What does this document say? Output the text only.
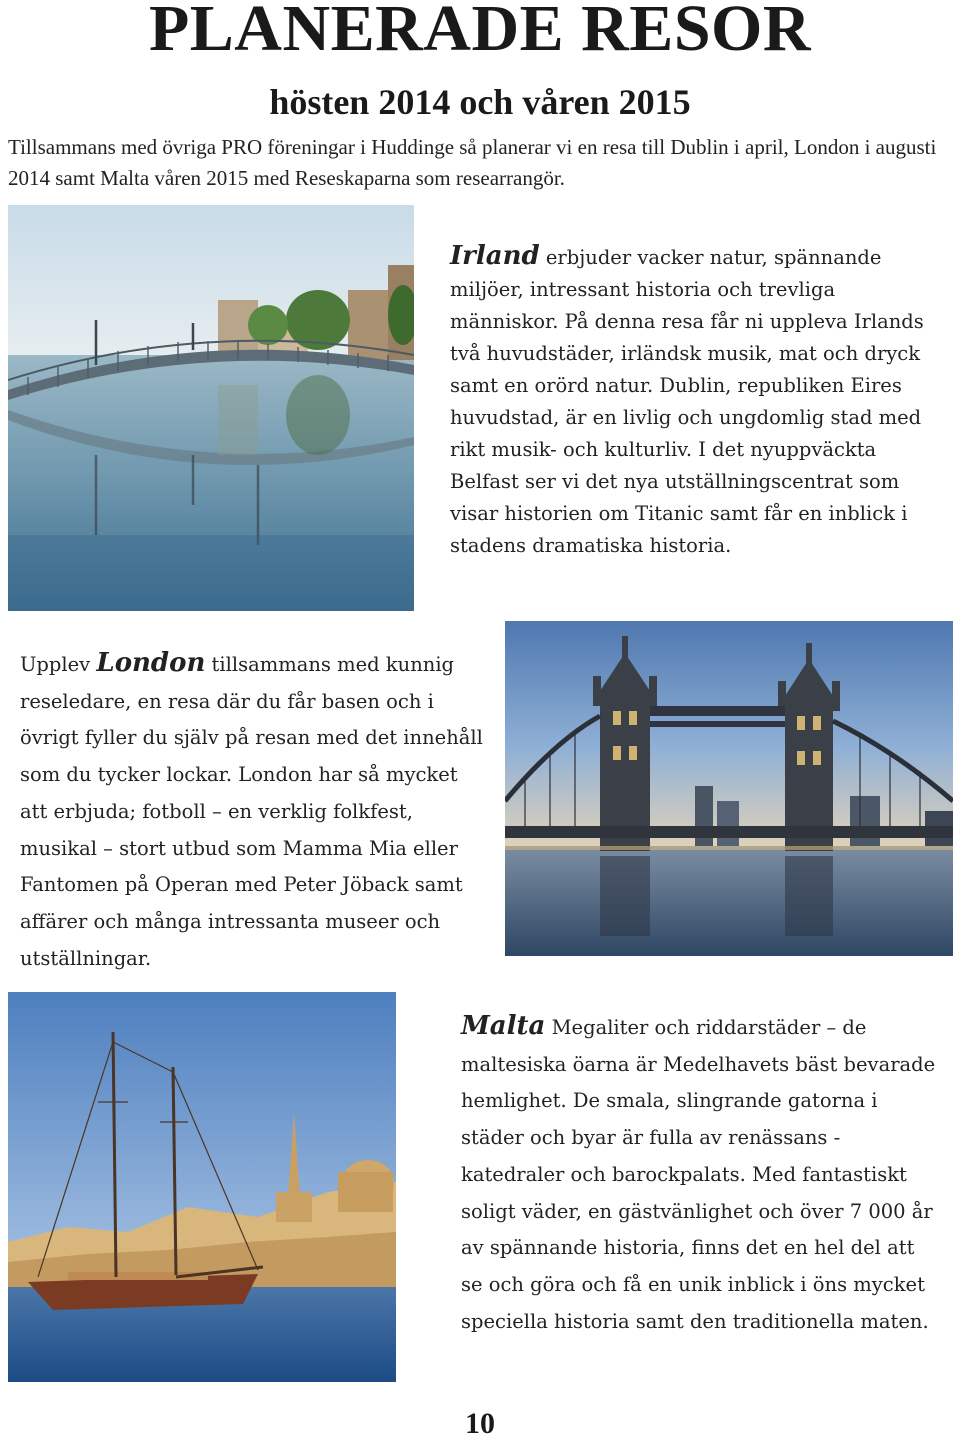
PLANERADE RESOR
hösten 2014 och våren 2015
Tillsammans med övriga PRO föreningar i Huddinge så planerar vi en resa till Dublin i april, London i augusti 2014 samt Malta våren 2015 med Reseskaparna som researrangör.
Irland erbjuder vacker natur, spännande miljöer, intressant historia och trevliga människor. På denna resa får ni uppleva Irlands två huvudstäder, irländsk musik, mat och dryck samt en orörd natur. Dublin, republiken Eires huvudstad, är en livlig och ungdomlig stad med rikt musik- och kulturliv. I det nyuppväckta Belfast ser vi det nya utställningscentrat som visar historien om Titanic samt får en inblick i stadens dramatiska historia.
Upplev London tillsammans med kunnig reseledare, en resa där du får basen och i övrigt fyller du själv på resan med det innehåll som du tycker lockar. London har så mycket att erbjuda; fotboll – en verklig folkfest, musikal – stort utbud som Mamma Mia eller Fantomen på Operan med Peter Jöback samt affärer och många intressanta museer och utställningar.
Malta Megaliter och riddarstäder – de maltesiska öarna är Medelhavets bäst bevarade hemlighet. De smala, slingrande gatorna i städer och byar är fulla av renässans - katedraler och barockpalats. Med fantastiskt soligt väder, en gästvänlighet och över 7 000 år av spännande historia, finns det en hel del att se och göra och få en unik inblick i öns mycket speciella historia samt den traditionella maten.
10
